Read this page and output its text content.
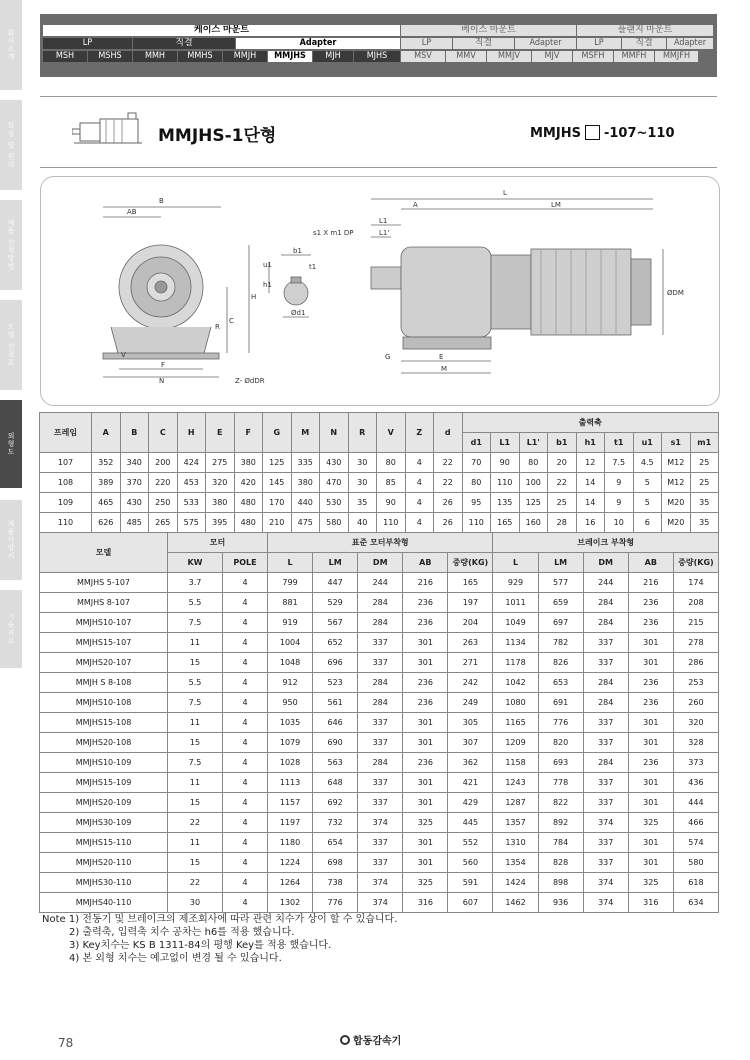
회사소개
특징 및 원리
제품 선정방법
모델 선정표
외형도
제품사양서
기술자료
케이스 마운트	베이스 마운트	플랜지 마운트
LP	직결	Adapter	LP	직결	Adapter	LP	직결	Adapter
MSH	MSHS	MMH	MMHS	MMJH	MMJHS	MJH	MJHS	MSV	MMV	MMJV	MJV	MSFH	MMFH	MMJFH
MMJHS-1단형	MMJHS -107~110
B
AB
H
C
R
V
F
N	Z- ØdDR
b1
t1
u1
h1
Ød1
s1 X m1 DP
L
A	LM
L1
L1'
ØDM
G	E
M
프레임	A	B	C	H	E	F	G	M	N	R	V	Z	d	출력축								
														d1	L1	L1'	b1	h1	t1	u1	s1	m1
107	352	340	200	424	275	380	125	335	430	30	80	4	22	70	90	80	20	12	7.5	4.5	M12	25
108	389	370	220	453	320	420	145	380	470	30	85	4	22	80	110	100	22	14	9	5	M12	25
109	465	430	250	533	380	480	170	440	530	35	90	4	26	95	135	125	25	14	9	5	M20	35
110	626	485	265	575	395	480	210	475	580	40	110	4	26	110	165	160	28	16	10	6	M20	35
모델	모터		표준 모터부착형					브레이크 부착형				
	KW	POLE	L	LM	DM	AB	중량(KG)	L	LM	DM	AB	중량(KG)
MMJHS 5-107	3.7	4	799	447	244	216	165	929	577	244	216	174
MMJHS 8-107	5.5	4	881	529	284	236	197	1011	659	284	236	208
MMJHS10-107	7.5	4	919	567	284	236	204	1049	697	284	236	215
MMJHS15-107	11	4	1004	652	337	301	263	1134	782	337	301	278
MMJHS20-107	15	4	1048	696	337	301	271	1178	826	337	301	286
MMJH S 8-108	5.5	4	912	523	284	236	242	1042	653	284	236	253
MMJHS10-108	7.5	4	950	561	284	236	249	1080	691	284	236	260
MMJHS15-108	11	4	1035	646	337	301	305	1165	776	337	301	320
MMJHS20-108	15	4	1079	690	337	301	307	1209	820	337	301	328
MMJHS10-109	7.5	4	1028	563	284	236	362	1158	693	284	236	373
MMJHS15-109	11	4	1113	648	337	301	421	1243	778	337	301	436
MMJHS20-109	15	4	1157	692	337	301	429	1287	822	337	301	444
MMJHS30-109	22	4	1197	732	374	325	445	1357	892	374	325	466
MMJHS15-110	11	4	1180	654	337	301	552	1310	784	337	301	574
MMJHS20-110	15	4	1224	698	337	301	560	1354	828	337	301	580
MMJHS30-110	22	4	1264	738	374	325	591	1424	898	374	325	618
MMJHS40-110	30	4	1302	776	374	316	607	1462	936	374	316	634
Note 1) 전동기 및 브레이크의 제조회사에 따라 관련 치수가 상이 할 수 있습니다.
2) 출력축, 입력축 치수 공차는 h6를 적용 했습니다.
3) Key치수는 KS B 1311-84의 평행 Key를 적용 했습니다.
4) 본 외형 치수는 예고없이 변경 될 수 있습니다.
78	합동감속기
